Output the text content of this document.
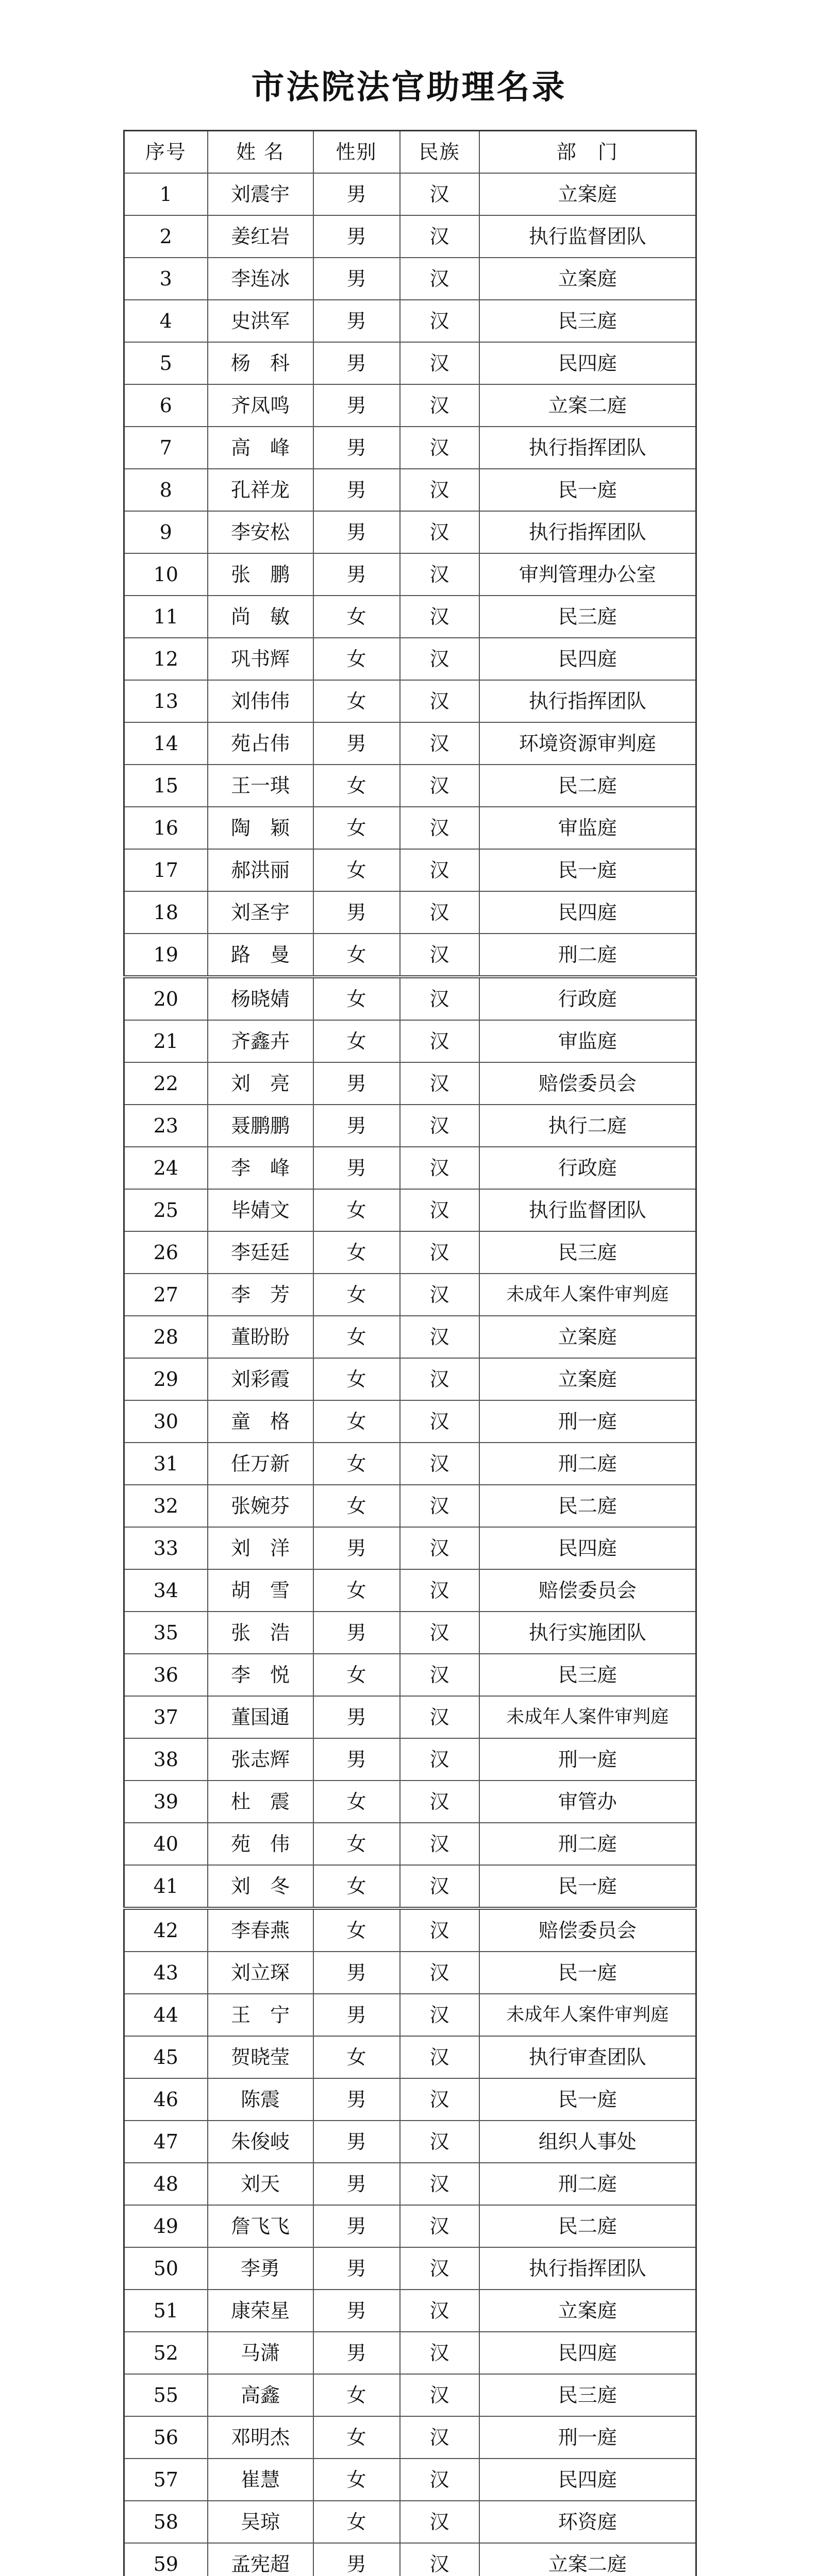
市法院法官助理名录
序号	姓 名	性别	民族	部　门
1	刘震宇	男	汉	立案庭
2	姜红岩	男	汉	执行监督团队
3	李连冰	男	汉	立案庭
4	史洪军	男	汉	民三庭
5	杨　科	男	汉	民四庭
6	齐凤鸣	男	汉	立案二庭
7	高　峰	男	汉	执行指挥团队
8	孔祥龙	男	汉	民一庭
9	李安松	男	汉	执行指挥团队
10	张　鹏	男	汉	审判管理办公室
11	尚　敏	女	汉	民三庭
12	巩书辉	女	汉	民四庭
13	刘伟伟	女	汉	执行指挥团队
14	苑占伟	男	汉	环境资源审判庭
15	王一琪	女	汉	民二庭
16	陶　颖	女	汉	审监庭
17	郝洪丽	女	汉	民一庭
18	刘圣宇	男	汉	民四庭
19	路　曼	女	汉	刑二庭
20	杨晓婧	女	汉	行政庭
21	齐鑫卉	女	汉	审监庭
22	刘　亮	男	汉	赔偿委员会
23	聂鹏鹏	男	汉	执行二庭
24	李　峰	男	汉	行政庭
25	毕婧文	女	汉	执行监督团队
26	李廷廷	女	汉	民三庭
27	李　芳	女	汉	未成年人案件审判庭
28	董盼盼	女	汉	立案庭
29	刘彩霞	女	汉	立案庭
30	童　格	女	汉	刑一庭
31	任万新	女	汉	刑二庭
32	张婉芬	女	汉	民二庭
33	刘　洋	男	汉	民四庭
34	胡　雪	女	汉	赔偿委员会
35	张　浩	男	汉	执行实施团队
36	李　悦	女	汉	民三庭
37	董国通	男	汉	未成年人案件审判庭
38	张志辉	男	汉	刑一庭
39	杜　震	女	汉	审管办
40	苑　伟	女	汉	刑二庭
41	刘　冬	女	汉	民一庭
42	李春燕	女	汉	赔偿委员会
43	刘立琛	男	汉	民一庭
44	王　宁	男	汉	未成年人案件审判庭
45	贺晓莹	女	汉	执行审查团队
46	陈震	男	汉	民一庭
47	朱俊岐	男	汉	组织人事处
48	刘天	男	汉	刑二庭
49	詹飞飞	男	汉	民二庭
50	李勇	男	汉	执行指挥团队
51	康荣星	男	汉	立案庭
52	马潇	男	汉	民四庭
55	高鑫	女	汉	民三庭
56	邓明杰	女	汉	刑一庭
57	崔慧	女	汉	民四庭
58	吴琼	女	汉	环资庭
59	孟宪超	男	汉	立案二庭
